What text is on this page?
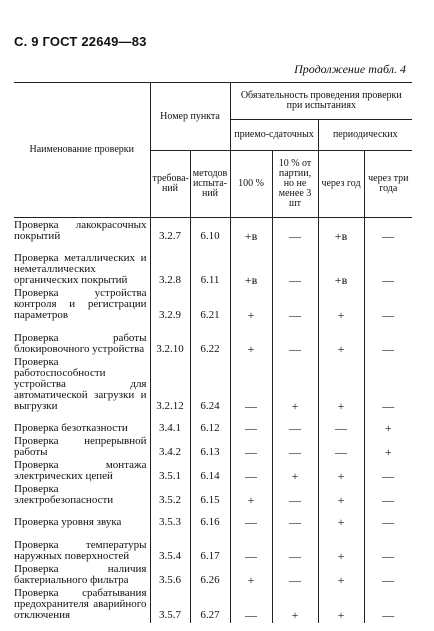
С. 9 ГОСТ 22649—83
Продолжение табл. 4
Наименование проверки	Номер пункта		Обязательность проведения проверки при испытаниях			
			приемо-сдаточных		периодических	
	требова-ний	методов испыта-ний	100 %	10 % от партии, но не менее 3 шт	через год	через три года

Проверка лакокрасочных покрытий	3.2.7	6.10	+в	—	+в	—
Проверка металлических и неметаллических органических покрытий	3.2.8	6.11	+в	—	+в	—
Проверка устройства контроля и регистрации параметров	3.2.9	6.21	+	—	+	—
Проверка работы блокировочного устройства	3.2.10	6.22	+	—	+	—
Проверка работоспособности устройства для автоматической загрузки и выгрузки	3.2.12	6.24	—	+	+	—
Проверка безотказности	3.4.1	6.12	—	—	—	+
Проверка непрерывной работы	3.4.2	6.13	—	—	—	+
Проверка монтажа электрических цепей	3.5.1	6.14	—	+	+	—
Проверка электробезопасности	3.5.2	6.15	+	—	+	—
Проверка уровня звука	3.5.3	6.16	—	—	+	—
Проверка температуры наружных поверхностей	3.5.4	6.17	—	—	+	—
Проверка наличия бактериального фильтра	3.5.6	6.26	+	—	+	—
Проверка срабатывания предохранителя аварийного отключения	3.5.7	6.27	—	+	+	—
